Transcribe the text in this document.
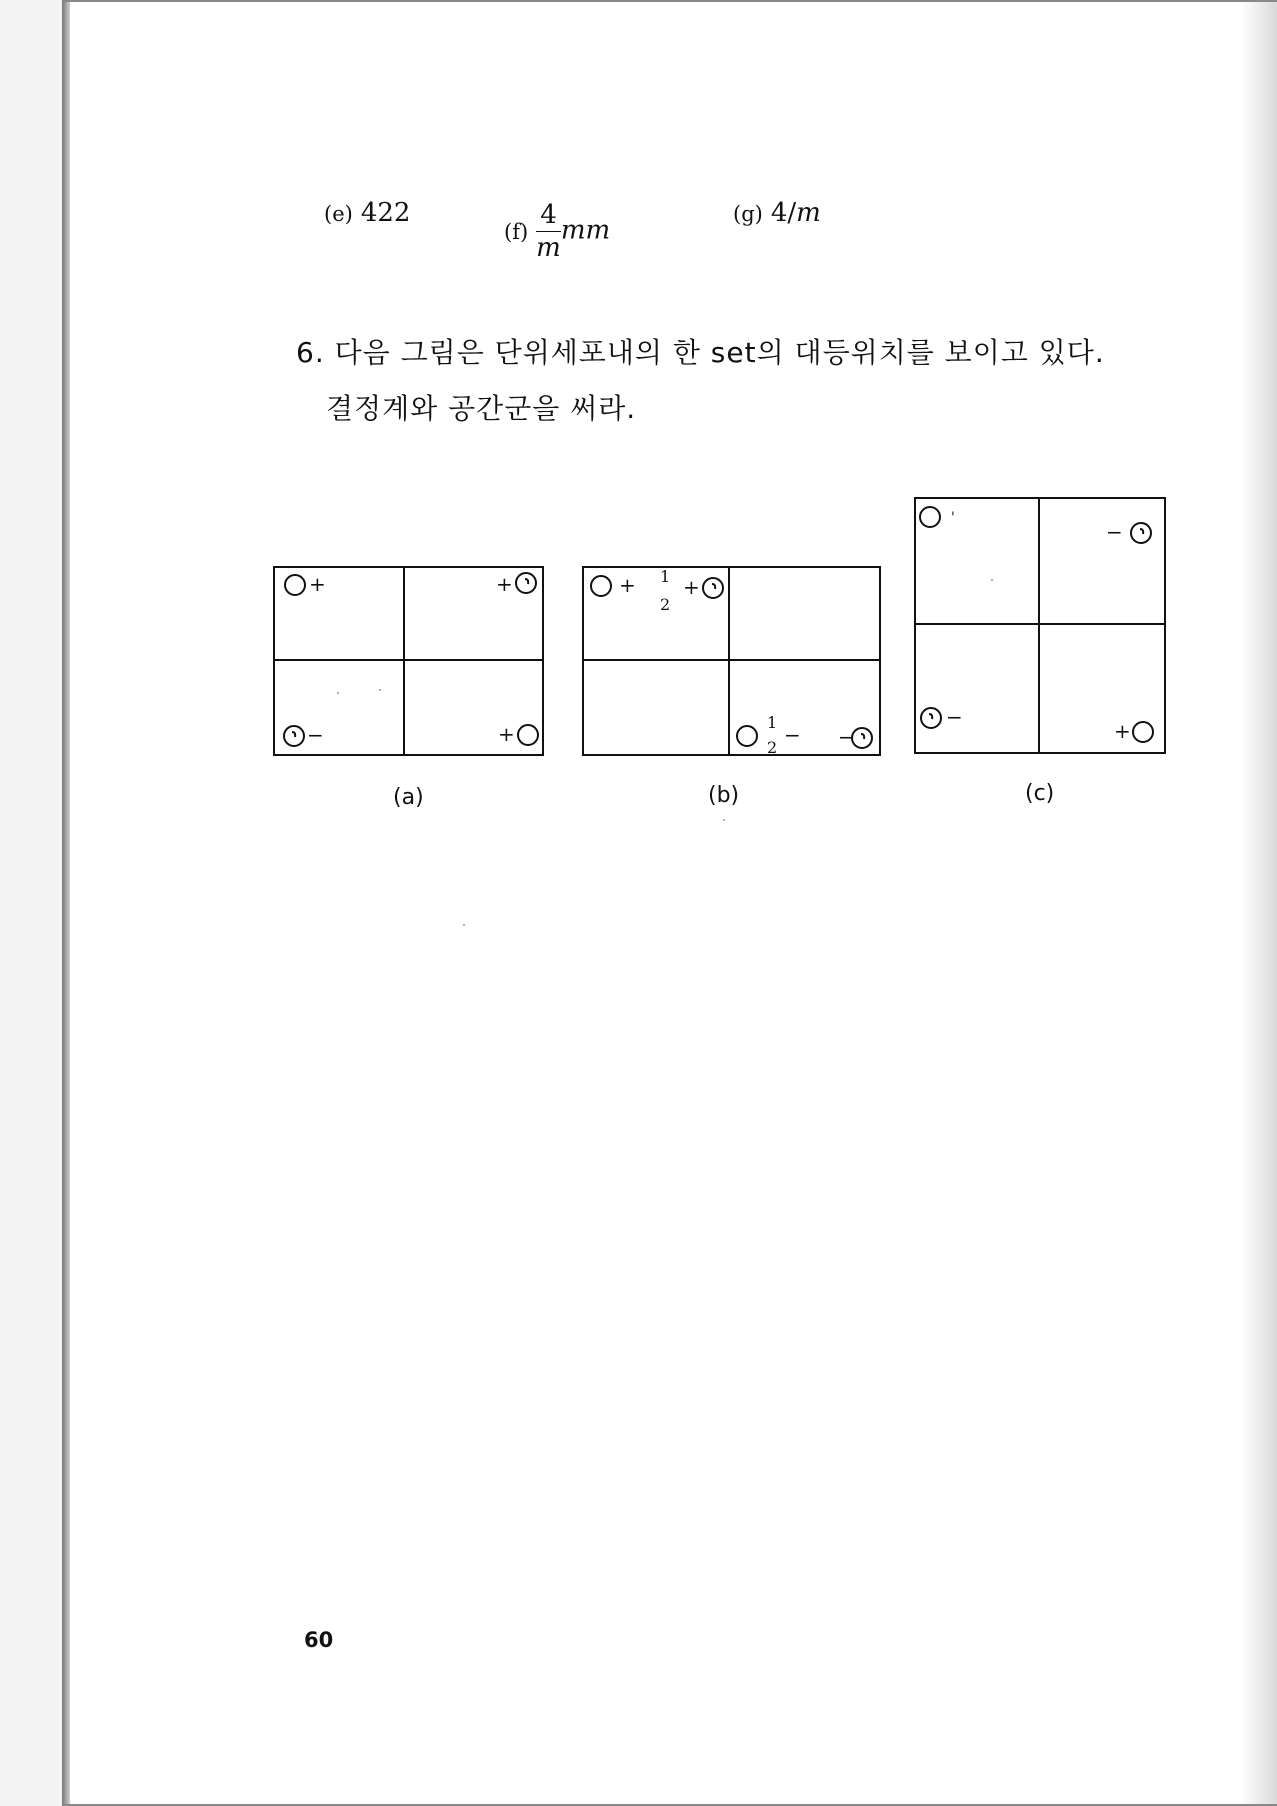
(e) 422
$(f) \frac{4}{m}$ mm
(g) 4/m
6. 다음 그림은 단위세포내의 한 set의 대등위치를 보이고 있다.
결정계와 공간군을 써라.
+	+
−	+
+ 1
2
+
1
2
− −
'
−
−
+
(a)	(b)	(c)
60
